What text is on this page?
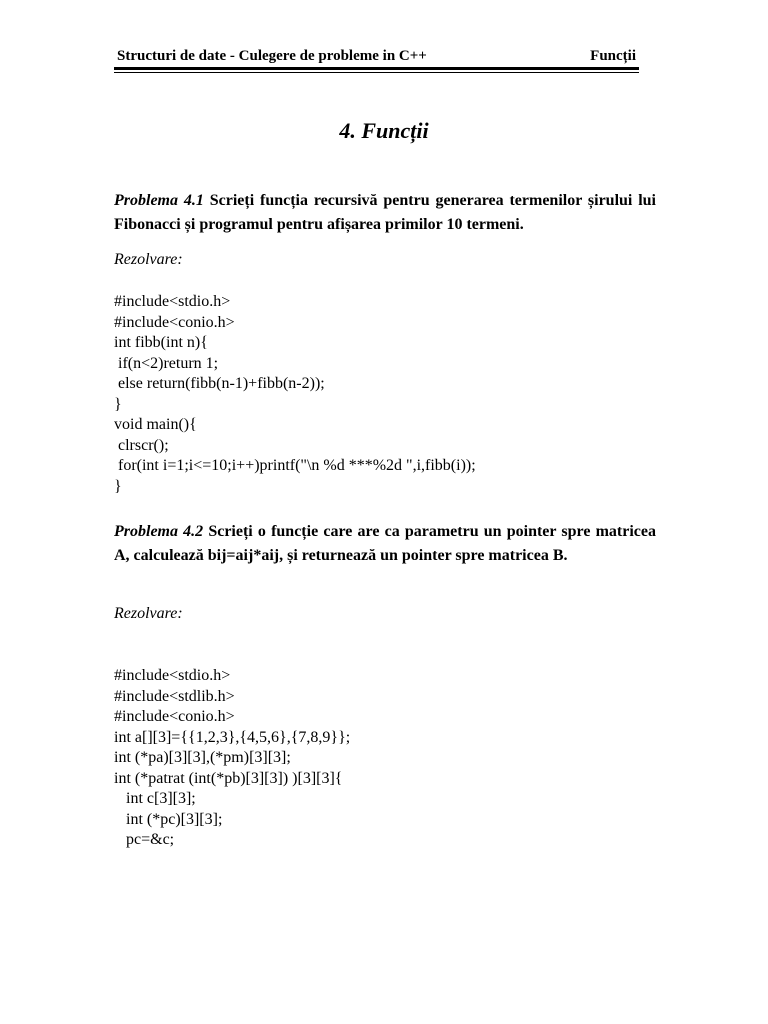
Structuri de date - Culegere de probleme in C++	Funcții
4. Funcții
Problema 4.1 Scrieți funcția recursivă pentru generarea termenilor șirului lui Fibonacci și programul pentru afișarea primilor 10 termeni.
Rezolvare:
#include<stdio.h>
#include<conio.h>
int fibb(int n){
if(n<2)return 1;
else return(fibb(n-1)+fibb(n-2));
}
void main(){
clrscr();
for(int i=1;i<=10;i++)printf("\n %d ***%2d ",i,fibb(i));
}
Problema 4.2 Scrieți o funcție care are ca parametru un pointer spre matricea A, calculează bij=aij*aij, și returnează un pointer spre matricea B.
Rezolvare:
#include<stdio.h>
#include<stdlib.h>
#include<conio.h>
int a[][3]={{1,2,3},{4,5,6},{7,8,9}};
int (*pa)[3][3],(*pm)[3][3];
int (*patrat (int(*pb)[3][3]) )[3][3]{
int c[3][3];
int (*pc)[3][3];
pc=&c;
